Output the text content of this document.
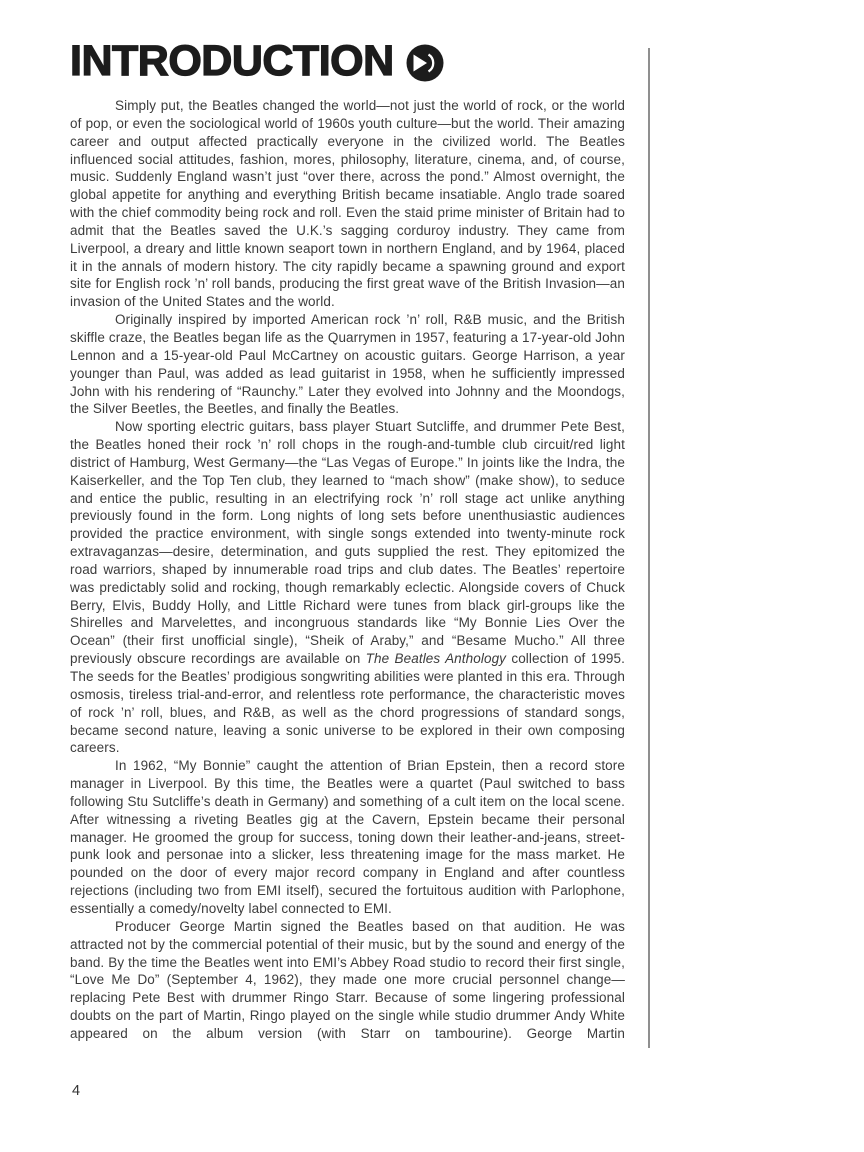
INTRODUCTION

Simply put, the Beatles changed the world—not just the world of rock, or the world of pop, or even the sociological world of 1960s youth culture—but the world. Their amazing career and output affected practically everyone in the civilized world. The Beatles influenced social attitudes, fashion, mores, philosophy, literature, cinema, and, of course, music. Suddenly England wasn’t just “over there, across the pond.” Almost overnight, the global appetite for anything and everything British became insatiable. Anglo trade soared with the chief commodity being rock and roll. Even the staid prime minister of Britain had to admit that the Beatles saved the U.K.’s sagging corduroy industry. They came from Liverpool, a dreary and little known seaport town in northern England, and by 1964, placed it in the annals of modern history. The city rapidly became a spawning ground and export site for English rock ’n’ roll bands, producing the first great wave of the British Invasion—an invasion of the United States and the world.

Originally inspired by imported American rock ’n’ roll, R&B music, and the British skiffle craze, the Beatles began life as the Quarrymen in 1957, featuring a 17-year-old John Lennon and a 15-year-old Paul McCartney on acoustic guitars. George Harrison, a year younger than Paul, was added as lead guitarist in 1958, when he sufficiently impressed John with his rendering of “Raunchy.” Later they evolved into Johnny and the Moondogs, the Silver Beetles, the Beetles, and finally the Beatles.

Now sporting electric guitars, bass player Stuart Sutcliffe, and drummer Pete Best, the Beatles honed their rock ’n’ roll chops in the rough-and-tumble club circuit/red light district of Hamburg, West Germany—the “Las Vegas of Europe.” In joints like the Indra, the Kaiserkeller, and the Top Ten club, they learned to “mach show” (make show), to seduce and entice the public, resulting in an electrifying rock ’n’ roll stage act unlike anything previously found in the form. Long nights of long sets before unenthusiastic audiences provided the practice environment, with single songs extended into twenty-minute rock extravaganzas—desire, determination, and guts supplied the rest. They epitomized the road warriors, shaped by innumerable road trips and club dates. The Beatles’ repertoire was predictably solid and rocking, though remarkably eclectic. Alongside covers of Chuck Berry, Elvis, Buddy Holly, and Little Richard were tunes from black girl-groups like the Shirelles and Marvelettes, and incongruous standards like “My Bonnie Lies Over the Ocean” (their first unofficial single), “Sheik of Araby,” and “Besame Mucho.” All three previously obscure recordings are available on The Beatles Anthology collection of 1995. The seeds for the Beatles’ prodigious songwriting abilities were planted in this era. Through osmosis, tireless trial-and-error, and relentless rote performance, the characteristic moves of rock ’n’ roll, blues, and R&B, as well as the chord progressions of standard songs, became second nature, leaving a sonic universe to be explored in their own composing careers.

In 1962, “My Bonnie” caught the attention of Brian Epstein, then a record store manager in Liverpool. By this time, the Beatles were a quartet (Paul switched to bass following Stu Sutcliffe’s death in Germany) and something of a cult item on the local scene. After witnessing a riveting Beatles gig at the Cavern, Epstein became their personal manager. He groomed the group for success, toning down their leather-and-jeans, street-punk look and personae into a slicker, less threatening image for the mass market. He pounded on the door of every major record company in England and after countless rejections (including two from EMI itself), secured the fortuitous audition with Parlophone, essentially a comedy/novelty label connected to EMI.

Producer George Martin signed the Beatles based on that audition. He was attracted not by the commercial potential of their music, but by the sound and energy of the band. By the time the Beatles went into EMI’s Abbey Road studio to record their first single, “Love Me Do” (September 4, 1962), they made one more crucial personnel change—replacing Pete Best with drummer Ringo Starr. Because of some lingering professional doubts on the part of Martin, Ringo played on the single while studio drummer Andy White appeared on the album version (with Starr on tambourine). George Martin

4
